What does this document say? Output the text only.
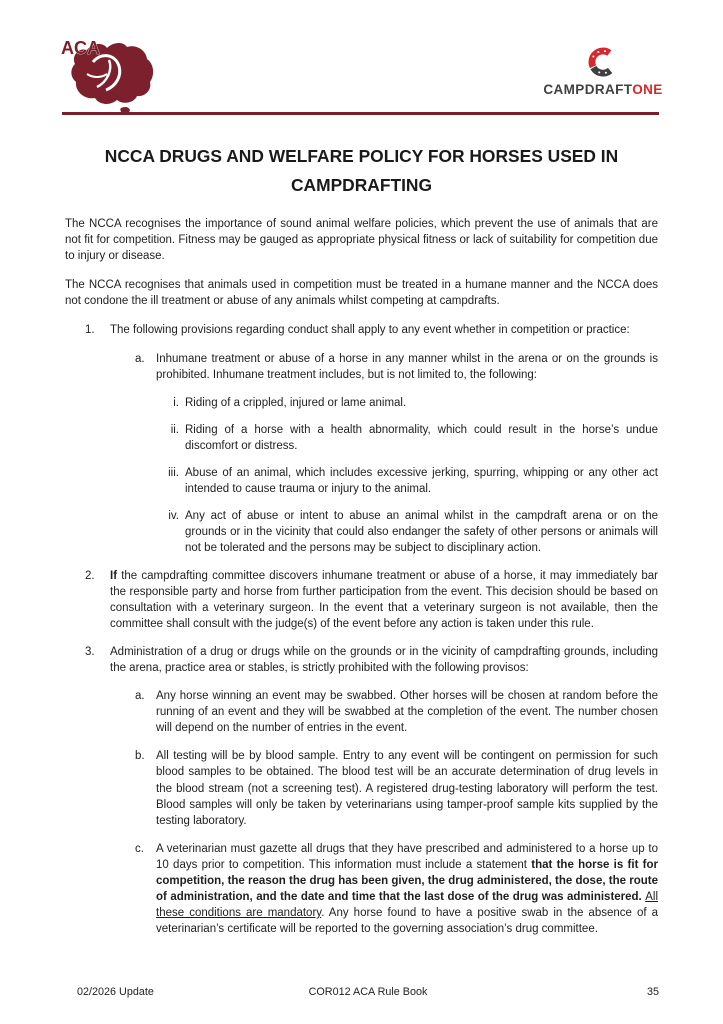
ACA
CAMPDRAFTONE
NCCA DRUGS AND WELFARE POLICY FOR HORSES USED IN
CAMPDRAFTING

The NCCA recognises the importance of sound animal welfare policies, which prevent the use of animals that are not fit for competition. Fitness may be gauged as appropriate physical fitness or lack of suitability for competition due to injury or disease.

The NCCA recognises that animals used in competition must be treated in a humane manner and the NCCA does not condone the ill treatment or abuse of any animals whilst competing at campdrafts.

1.	The following provisions regarding conduct shall apply to any event whether in competition or practice:
a. Inhumane treatment or abuse of a horse in any manner whilst in the arena or on the grounds is prohibited. Inhumane treatment includes, but is not limited to, the following:
i. Riding of a crippled, injured or lame animal.
ii. Riding of a horse with a health abnormality, which could result in the horse’s undue discomfort or distress.
iii. Abuse of an animal, which includes excessive jerking, spurring, whipping or any other act intended to cause trauma or injury to the animal.
iv. Any act of abuse or intent to abuse an animal whilst in the campdraft arena or on the grounds or in the vicinity that could also endanger the safety of other persons or animals will not be tolerated and the persons may be subject to disciplinary action.
2.	If the campdrafting committee discovers inhumane treatment or abuse of a horse, it may immediately bar the responsible party and horse from further participation from the event. This decision should be based on consultation with a veterinary surgeon. In the event that a veterinary surgeon is not available, then the committee shall consult with the judge(s) of the event before any action is taken under this rule.
3.	Administration of a drug or drugs while on the grounds or in the vicinity of campdrafting grounds, including the arena, practice area or stables, is strictly prohibited with the following provisos:
a. Any horse winning an event may be swabbed. Other horses will be chosen at random before the running of an event and they will be swabbed at the completion of the event. The number chosen will depend on the number of entries in the event.
b. All testing will be by blood sample. Entry to any event will be contingent on permission for such blood samples to be obtained. The blood test will be an accurate determination of drug levels in the blood stream (not a screening test). A registered drug-testing laboratory will perform the test. Blood samples will only be taken by veterinarians using tamper-proof sample kits supplied by the testing laboratory.
c.	A veterinarian must gazette all drugs that they have prescribed and administered to a horse up to 10 days prior to competition. This information must include a statement that the horse is fit for competition, the reason the drug has been given, the drug administered, the dose, the route of administration, and the date and time that the last dose of the drug was administered. All these conditions are mandatory. Any horse found to have a positive swab in the absence of a veterinarian’s certificate will be reported to the governing association’s drug committee.
02/2026 Update	COR012 ACA Rule Book	35
